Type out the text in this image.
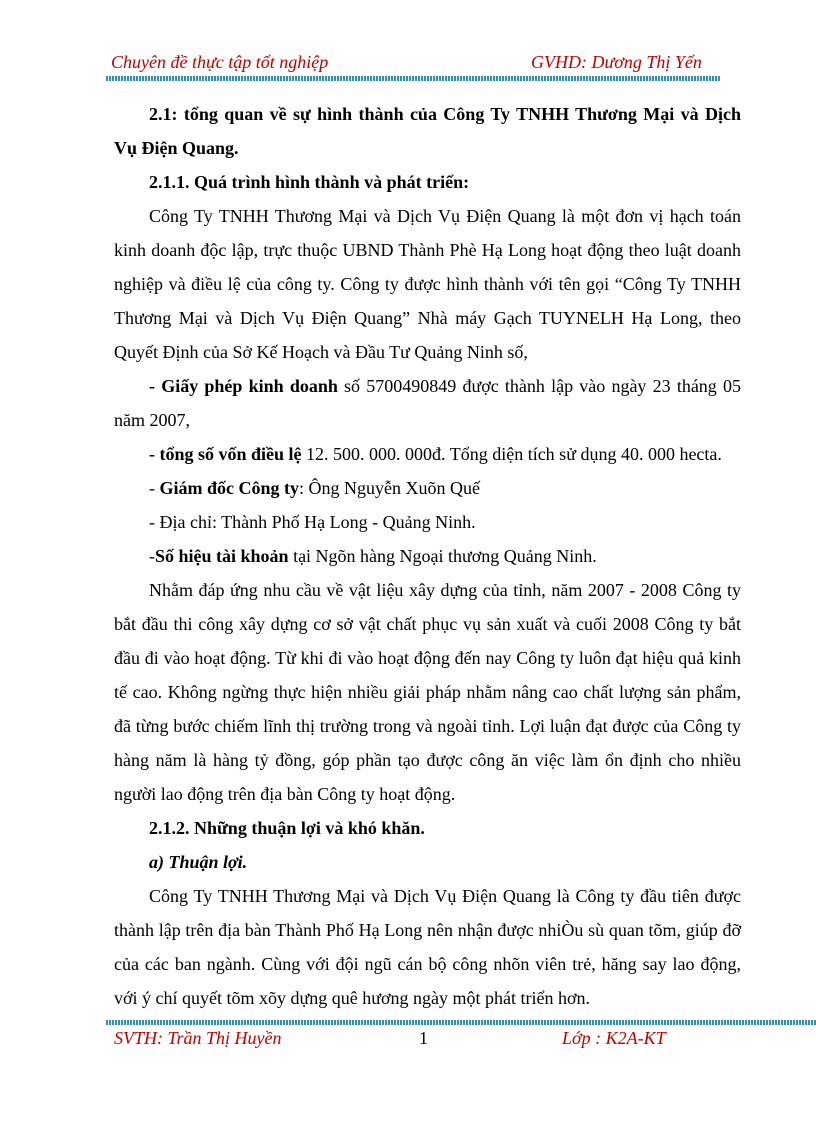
Chuyên đề thực tập tốt nghiệp	GVHD: Dương Thị Yến

2.1: tổng quan về sự hình thành của Công Ty TNHH Thương Mại và Dịch Vụ Điện Quang.

2.1.1. Quá trình hình thành và phát triển:

Công Ty TNHH Thương Mại và Dịch Vụ Điện Quang là một đơn vị hạch toán kinh doanh độc lập, trực thuộc UBND Thành Phè Hạ Long hoạt động theo luật doanh nghiệp và điều lệ của công ty. Công ty được hình thành với tên gọi “Công Ty TNHH Thương Mại và Dịch Vụ Điện Quang” Nhà máy Gạch TUYNELH Hạ Long, theo Quyết Định của Sở Kế Hoạch và Đầu Tư Quảng Ninh số,

- Giấy phép kinh doanh số 5700490849 được thành lập vào ngày 23 tháng 05 năm 2007,

- tổng số vốn điều lệ 12. 500. 000. 000đ. Tổng diện tích sử dụng 40. 000 hecta.

- Giám đốc Công ty: Ông Nguyễn Xuõn Quế

- Địa chỉ: Thành Phố Hạ Long - Quảng Ninh.

-Số hiệu tài khoản tại Ngõn hàng Ngoại thương Quảng Ninh.

Nhằm đáp ứng nhu cầu về vật liệu xây dựng của tỉnh, năm 2007 - 2008 Công ty bắt đầu thi công xây dựng cơ sở vật chất phục vụ sản xuất và cuối 2008 Công ty bắt đầu đi vào hoạt động. Từ khi đi vào hoạt động đến nay Công ty luôn đạt hiệu quả kinh tế cao. Không ngừng thực hiện nhiều giải pháp nhằm nâng cao chất lượng sản phẩm, đã từng bước chiếm lĩnh thị trường trong và ngoài tỉnh. Lợi luận đạt được của Công ty hàng năm là hàng tỷ đồng, góp phần tạo được công ăn việc làm ổn định cho nhiều người lao động trên địa bàn Công ty hoạt động.

2.1.2. Những thuận lợi và khó khăn.

a) Thuận lợi.

Công Ty TNHH Thương Mại và Dịch Vụ Điện Quang là Công ty đầu tiên được thành lập trên địa bàn Thành Phố Hạ Long nên nhận được nhiÒu sù quan tõm, giúp đỡ của các ban ngành. Cùng với đội ngũ cán bộ công nhõn viên trẻ, hăng say lao động, với ý chí quyết tõm xõy dựng quê hương ngày một phát triển hơn.

SVTH: Trần Thị Huyền	1	Lớp : K2A-KT
